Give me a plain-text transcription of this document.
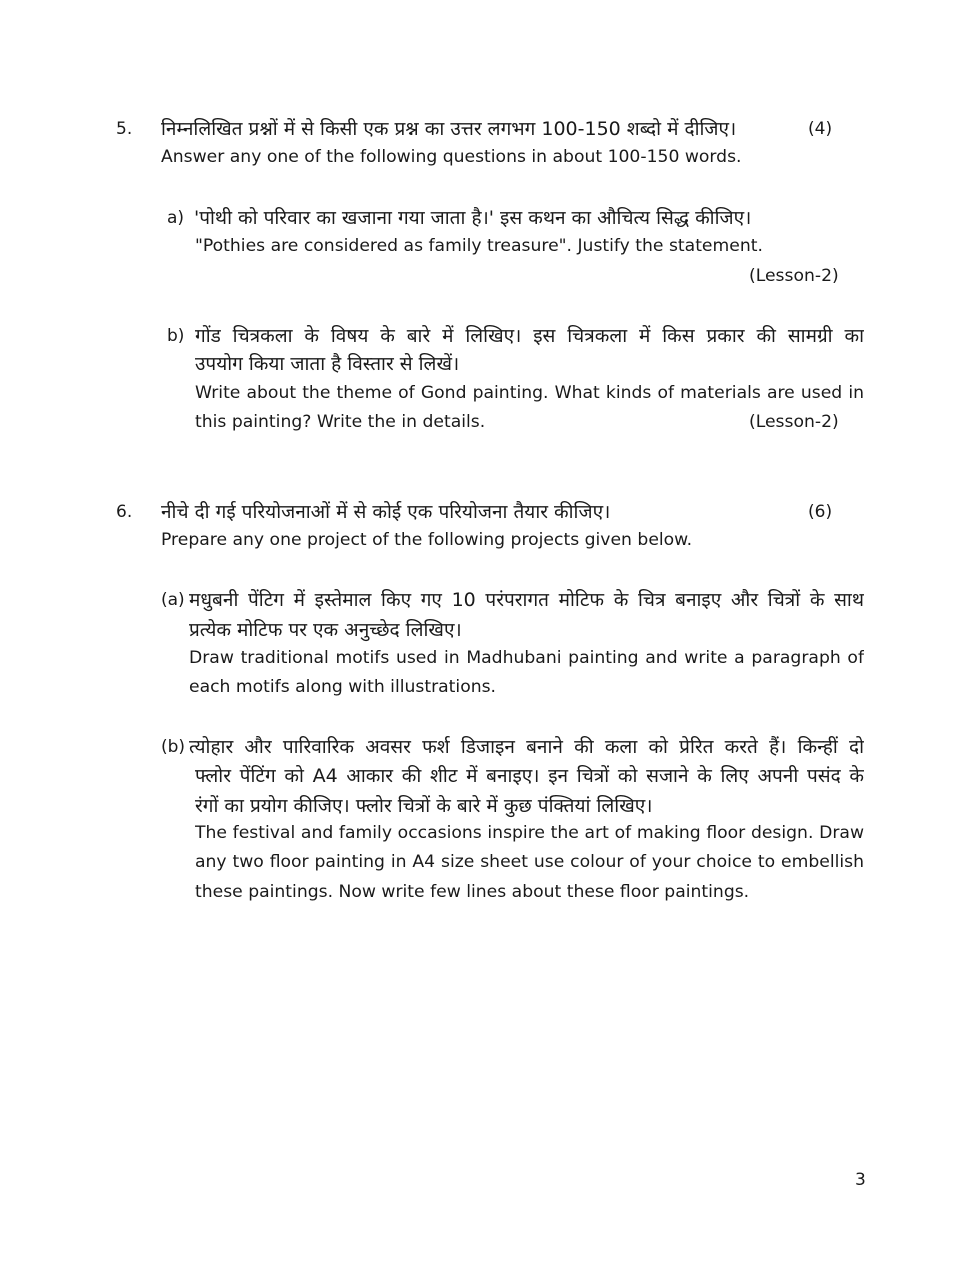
5. निम्नलिखित प्रश्नों में से किसी एक प्रश्न का उत्तर लगभग 100-150 शब्दो में दीजिए।	(4)
Answer any one of the following questions in about 100-150 words.
a) 'पोथी को परिवार का खजाना गया जाता है।' इस कथन का औचित्य सिद्ध कीजिए।
"Pothies are considered as family treasure". Justify the statement.
(Lesson-2)
b) गोंड चित्रकला के विषय के बारे में लिखिए। इस चित्रकला में किस प्रकार की सामग्री का
उपयोग किया जाता है विस्तार से लिखें।
Write about the theme of Gond painting. What kinds of materials are used in
this painting? Write the in details.	(Lesson-2)
6. नीचे दी गई परियोजनाओं में से कोई एक परियोजना तैयार कीजिए।	(6)
Prepare any one project of the following projects given below.
(a) मधुबनी पेंटिग में इस्तेमाल किए गए 10 परंपरागत मोटिफ के चित्र बनाइए और चित्रों के साथ
प्रत्येक मोटिफ पर एक अनुच्छेद लिखिए।
Draw traditional motifs used in Madhubani painting and write a paragraph of
each motifs along with illustrations.
(b) त्योहार और पारिवारिक अवसर फर्श डिजाइन बनाने की कला को प्रेरित करते हैं। किन्हीं दो
फ्लोर पेंटिंग को A4 आकार की शीट में बनाइए। इन चित्रों को सजाने के लिए अपनी पसंद के
रंगों का प्रयोग कीजिए। फ्लोर चित्रों के बारे में कुछ पंक्तियां लिखिए।
The festival and family occasions inspire the art of making floor design. Draw
any two floor painting in A4 size sheet use colour of your choice to embellish
these paintings. Now write few lines about these floor paintings.
3
